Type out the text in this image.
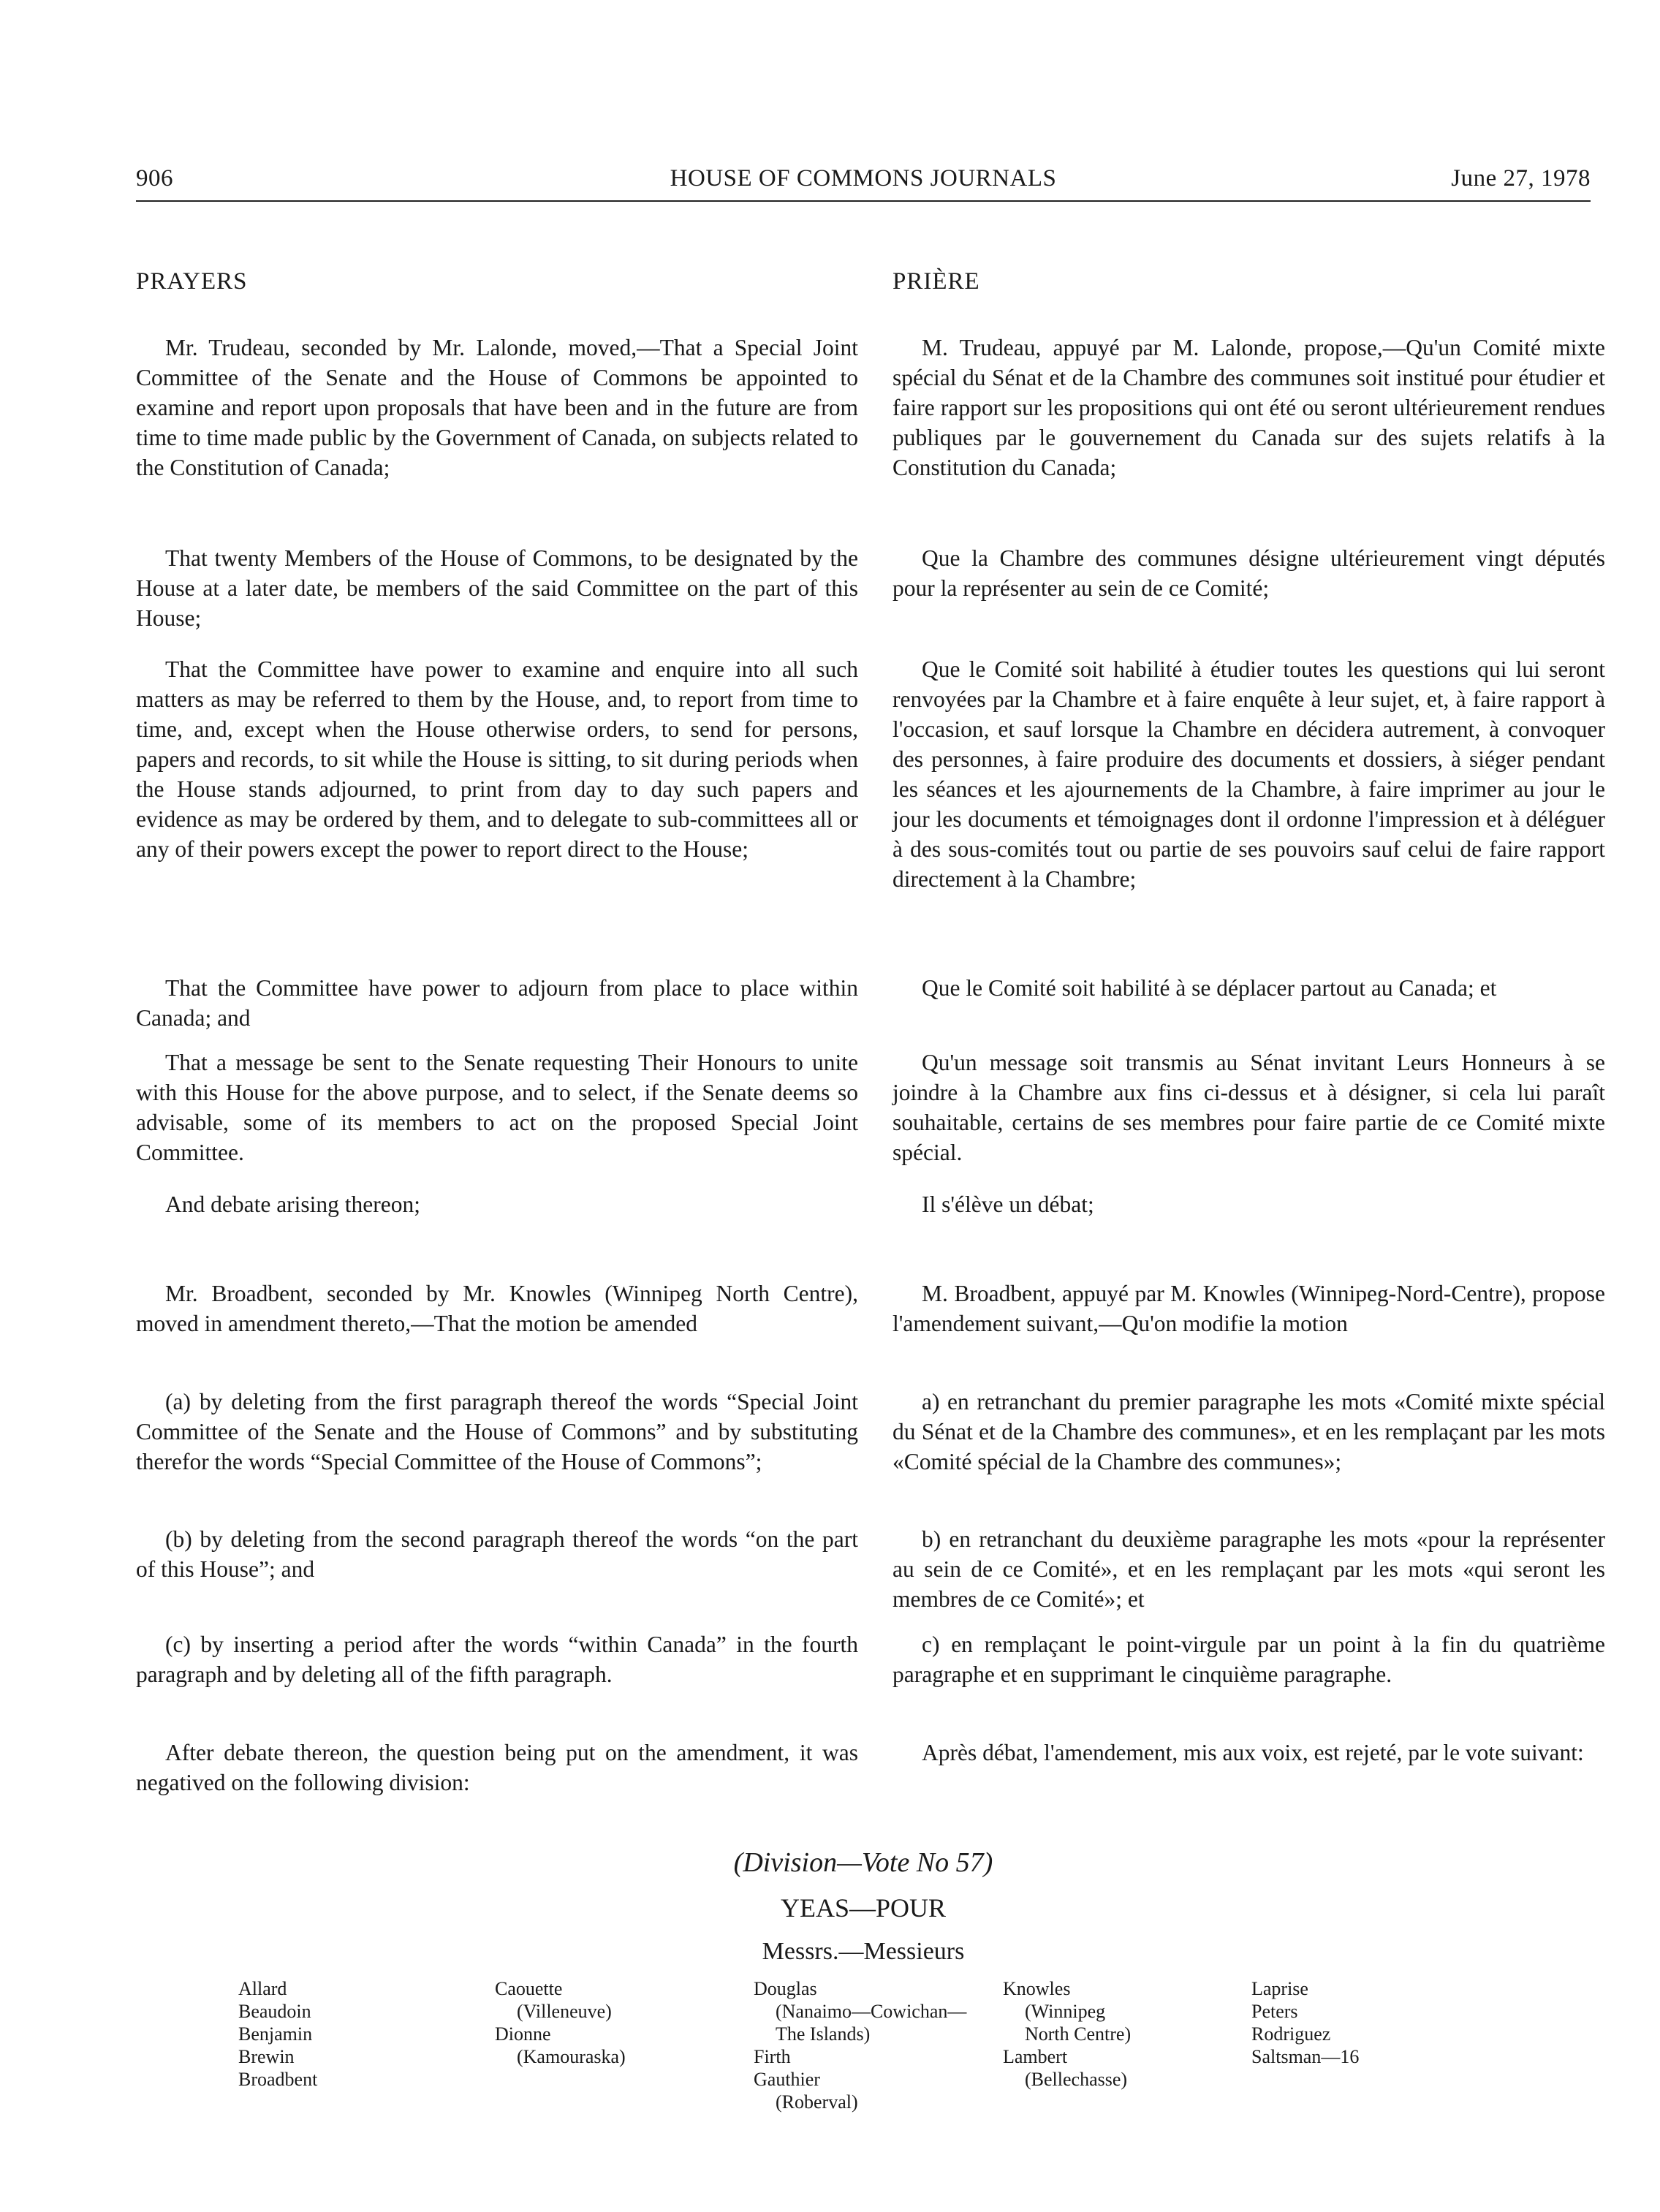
906	HOUSE OF COMMONS JOURNALS	June 27, 1978
PRAYERS

Mr. Trudeau, seconded by Mr. Lalonde, moved,—That a Special Joint Committee of the Senate and the House of Commons be appointed to examine and report upon proposals that have been and in the future are from time to time made public by the Government of Canada, on subjects related to the Constitution of Canada;

That twenty Members of the House of Commons, to be designated by the House at a later date, be members of the said Committee on the part of this House;

That the Committee have power to examine and enquire into all such matters as may be referred to them by the House, and, to report from time to time, and, except when the House otherwise orders, to send for persons, papers and records, to sit while the House is sitting, to sit during periods when the House stands adjourned, to print from day to day such papers and evidence as may be ordered by them, and to delegate to sub-committees all or any of their powers except the power to report direct to the House;

That the Committee have power to adjourn from place to place within Canada; and

That a message be sent to the Senate requesting Their Honours to unite with this House for the above purpose, and to select, if the Senate deems so advisable, some of its members to act on the proposed Special Joint Committee.

And debate arising thereon;

Mr. Broadbent, seconded by Mr. Knowles (Winnipeg North Centre), moved in amendment thereto,—That the motion be amended

(a) by deleting from the first paragraph thereof the words “Special Joint Committee of the Senate and the House of Commons” and by substituting therefor the words “Special Committee of the House of Commons”;

(b) by deleting from the second paragraph thereof the words “on the part of this House”; and

(c) by inserting a period after the words “within Canada” in the fourth paragraph and by deleting all of the fifth paragraph.

After debate thereon, the question being put on the amendment, it was negatived on the following division:

PRIÈRE

M. Trudeau, appuyé par M. Lalonde, propose,—Qu'un Comité mixte spécial du Sénat et de la Chambre des communes soit institué pour étudier et faire rapport sur les propositions qui ont été ou seront ultérieurement rendues publiques par le gouvernement du Canada sur des sujets relatifs à la Constitution du Canada;

Que la Chambre des communes désigne ultérieurement vingt députés pour la représenter au sein de ce Comité;

Que le Comité soit habilité à étudier toutes les questions qui lui seront renvoyées par la Chambre et à faire enquête à leur sujet, et, à faire rapport à l'occasion, et sauf lorsque la Chambre en décidera autrement, à convoquer des personnes, à faire produire des documents et dossiers, à siéger pendant les séances et les ajournements de la Chambre, à faire imprimer au jour le jour les documents et témoignages dont il ordonne l'impression et à déléguer à des sous-comités tout ou partie de ses pouvoirs sauf celui de faire rapport directement à la Chambre;

Que le Comité soit habilité à se déplacer partout au Canada; et

Qu'un message soit transmis au Sénat invitant Leurs Honneurs à se joindre à la Chambre aux fins ci-dessus et à désigner, si cela lui paraît souhaitable, certains de ses membres pour faire partie de ce Comité mixte spécial.

Il s'élève un débat;

M. Broadbent, appuyé par M. Knowles (Winnipeg-Nord-Centre), propose l'amendement suivant,—Qu'on modifie la motion

a) en retranchant du premier paragraphe les mots «Comité mixte spécial du Sénat et de la Chambre des communes», et en les remplaçant par les mots «Comité spécial de la Chambre des communes»;

b) en retranchant du deuxième paragraphe les mots «pour la représenter au sein de ce Comité», et en les remplaçant par les mots «qui seront les membres de ce Comité»; et

c) en remplaçant le point-virgule par un point à la fin du quatrième paragraphe et en supprimant le cinquième paragraphe.

Après débat, l'amendement, mis aux voix, est rejeté, par le vote suivant:

(Division—Vote No 57)
YEAS—POUR
Messrs.—Messieurs
Allard
Beaudoin
Benjamin
Brewin
Broadbent
Caouette
(Villeneuve)
Dionne
(Kamouraska)
Douglas
(Nanaimo—Cowichan—
The Islands)
Firth
Gauthier
(Roberval)
Knowles
(Winnipeg
North Centre)
Lambert
(Bellechasse)
Laprise
Peters
Rodriguez
Saltsman—16
